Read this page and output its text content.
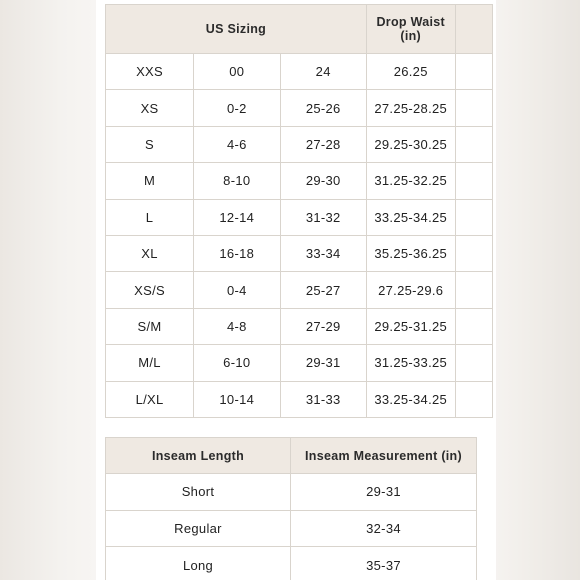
US Sizing			Drop Waist
(in)	

XXS	00	24	26.25	
XS	0-2	25-26	27.25-28.25	
S	4-6	27-28	29.25-30.25	
M	8-10	29-30	31.25-32.25	
L	12-14	31-32	33.25-34.25	
XL	16-18	33-34	35.25-36.25	
XS/S	0-4	25-27	27.25-29.6	
S/M	4-8	27-29	29.25-31.25	
M/L	6-10	29-31	31.25-33.25	
L/XL	10-14	31-33	33.25-34.25	
Inseam Length	Inseam Measurement (in)
Short	29-31
Regular	32-34
Long	35-37
